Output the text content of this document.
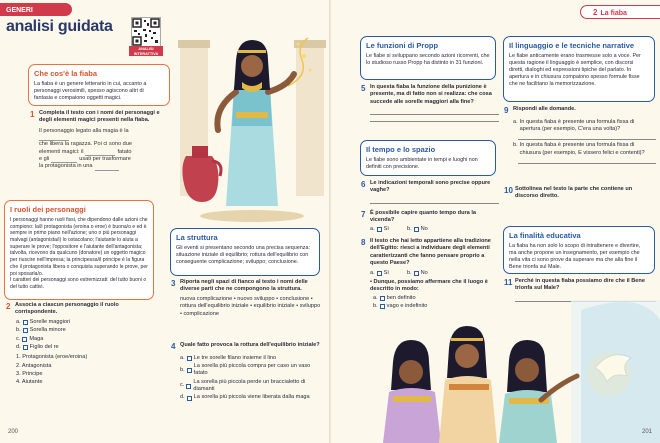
GENERI
analisi guidata
ANALISI INTERATTIVA
Che cos'è la fiaba
La fiaba è un genere letterario in cui, accanto a personaggi verosimili, spesso agiscono altri di fantasia e compaiono oggetti magici.
1 Completa il testo con i nomi dei personaggi e degli elementi magici presenti nella fiaba.
Il personaggio legato alla magia è la
che libera la ragazza. Poi ci sono due
elementi magici: il	fatato
e gli	usati per trasformare
la protagonista in una
I ruoli dei personaggi
I personaggi hanno ruoli fissi, che dipendono dalle azioni che compiono: la/il protagonista (eroina o eroe) è buona/o e ed è sempre in primo piano nell'azione; uno o più personaggi malvagi (antagonista/i) lo ostacolano; l'aiutante lo aiuta a superare le prove; l'oppositore e l'aiutante dell'antagonista; talvolta, ricevono da qualcuno (donatore) un oggetto magico per riuscire nell'impresa; la principessa/il principe è la figura che il protagonista libera o conquista superando le prove, per poi sposarla/o.
I caratteri dei personaggi sono estremizzati: del tutto buoni o del tutto cattivi.
2 Associa a ciascun personaggio il ruolo corrispondente.
a. Sorelle maggiori
b. Sorella minore
c. Maga
d. Figlio del re
1. Protagonista (eroe/eroina)
2. Antagonista
3. Principe
4. Aiutante
La struttura
Gli eventi si presentano secondo una precisa sequenza: situazione iniziale di equilibrio; rottura dell'equilibrio con conseguente complicazione; sviluppo; conclusione.
3 Riporta negli spazi di fianco al testo i nomi delle diverse parti che ne compongono la struttura.
nuova complicazione • nuovo sviluppo • conclusione • rottura dell'equilibrio iniziale • equilibrio iniziale • sviluppo • complicazione
4 Quale fatto provoca la rottura dell'equilibrio iniziale?
a. Le tre sorelle filano insieme il lino
b.
La sorella più piccola compra per caso un vaso fatato
c.
La sorella più piccola perde un braccialetto di diamanti
d. La sorella più piccola viene liberata dalla maga
200
2 La fiaba
Le funzioni di Propp
Le fiabe si sviluppano secondo azioni ricorrenti, che lo studioso russo Propp ha distinto in 31 funzioni.
5 In questa fiaba la funzione della punizione è presente, ma di fatto non si realizza: che cosa succede alle sorelle maggiori alla fine?
Il tempo e lo spazio
Le fiabe sono ambientate in tempi e luoghi non definiti con precisione.
6 Le indicazioni temporali sono precise oppure vaghe?
7 È possibile capire quanto tempo dura la vicenda?
a. Sì	b. No
8 Il testo che hai letto appartiene alla tradizione dell'Egitto: riesci a individuare degli elementi caratterizzanti che fanno pensare proprio a questo Paese?
a. Sì	b. No
• Dunque, possiamo affermare che il luogo è descritto in modo:
a. ben definito
b. vago e indefinito
Il linguaggio e le tecniche narrative
Le fiabe anticamente erano trasmesse solo a voce. Per questa ragione il linguaggio è semplice, con discorsi diretti, dialoghi ed espressioni tipiche del parlato. In apertura e in chiusura compaiono spesso formule fisse che ne facilitano la memorizzazione.
9 Rispondi alle domande.
a. In questa fiaba è presente una formula fissa di apertura (per esempio, C'era una volta)?
b. In questa fiaba è presente una formula fissa di chiusura (per esempio, E vissero felici e contenti)?
10 Sottolinea nel testo la parte che contiene un discorso diretto.
La finalità educativa
La fiaba ha non solo lo scopo di intrattenere e divertire, ma anche propone un insegnamento, per esempio che nella vita ci sono prove da superare ma che alla fine il Bene trionfa sul Male.
11 Perché in questa fiaba possiamo dire che il Bene trionfa sul Male?
201
